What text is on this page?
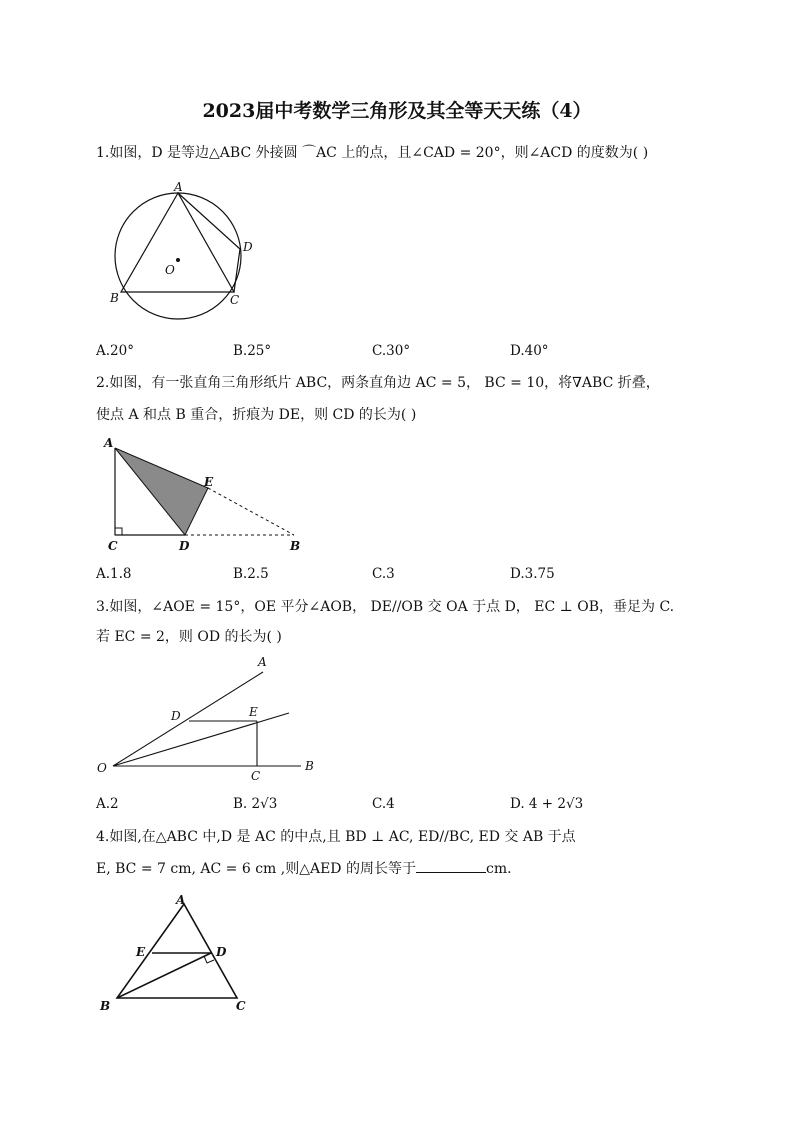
2023届中考数学三角形及其全等天天练（4）
1.如图，D 是等边△ABC 外接圆 ⌒AC 上的点，且∠CAD = 20°，则∠ACD 的度数为( )
A
B	C
D
O
A.20°	B.25°	C.30°	D.40°
2.如图，有一张直角三角形纸片 ABC，两条直角边 AC = 5， BC = 10，将∇ABC 折叠，
使点 A 和点 B 重合，折痕为 DE，则 CD 的长为( )
A
C	D	B
E
A.1.8	B.2.5	C.3	D.3.75
3.如图，∠AOE = 15°，OE 平分∠AOB， DE//OB 交 OA 于点 D， EC ⊥ OB，垂足为 C.
若 EC = 2，则 OD 的长为( )
A
D	E
O
C
B
A.2	B. 2√3	C.4	D. 4 + 2√3
4.如图,在△ABC 中,D 是 AC 的中点,且 BD ⊥ AC, ED//BC, ED 交 AB 于点
E, BC = 7 cm, AC = 6 cm ,则△AED 的周长等于	cm.
A
E	D
B	C
